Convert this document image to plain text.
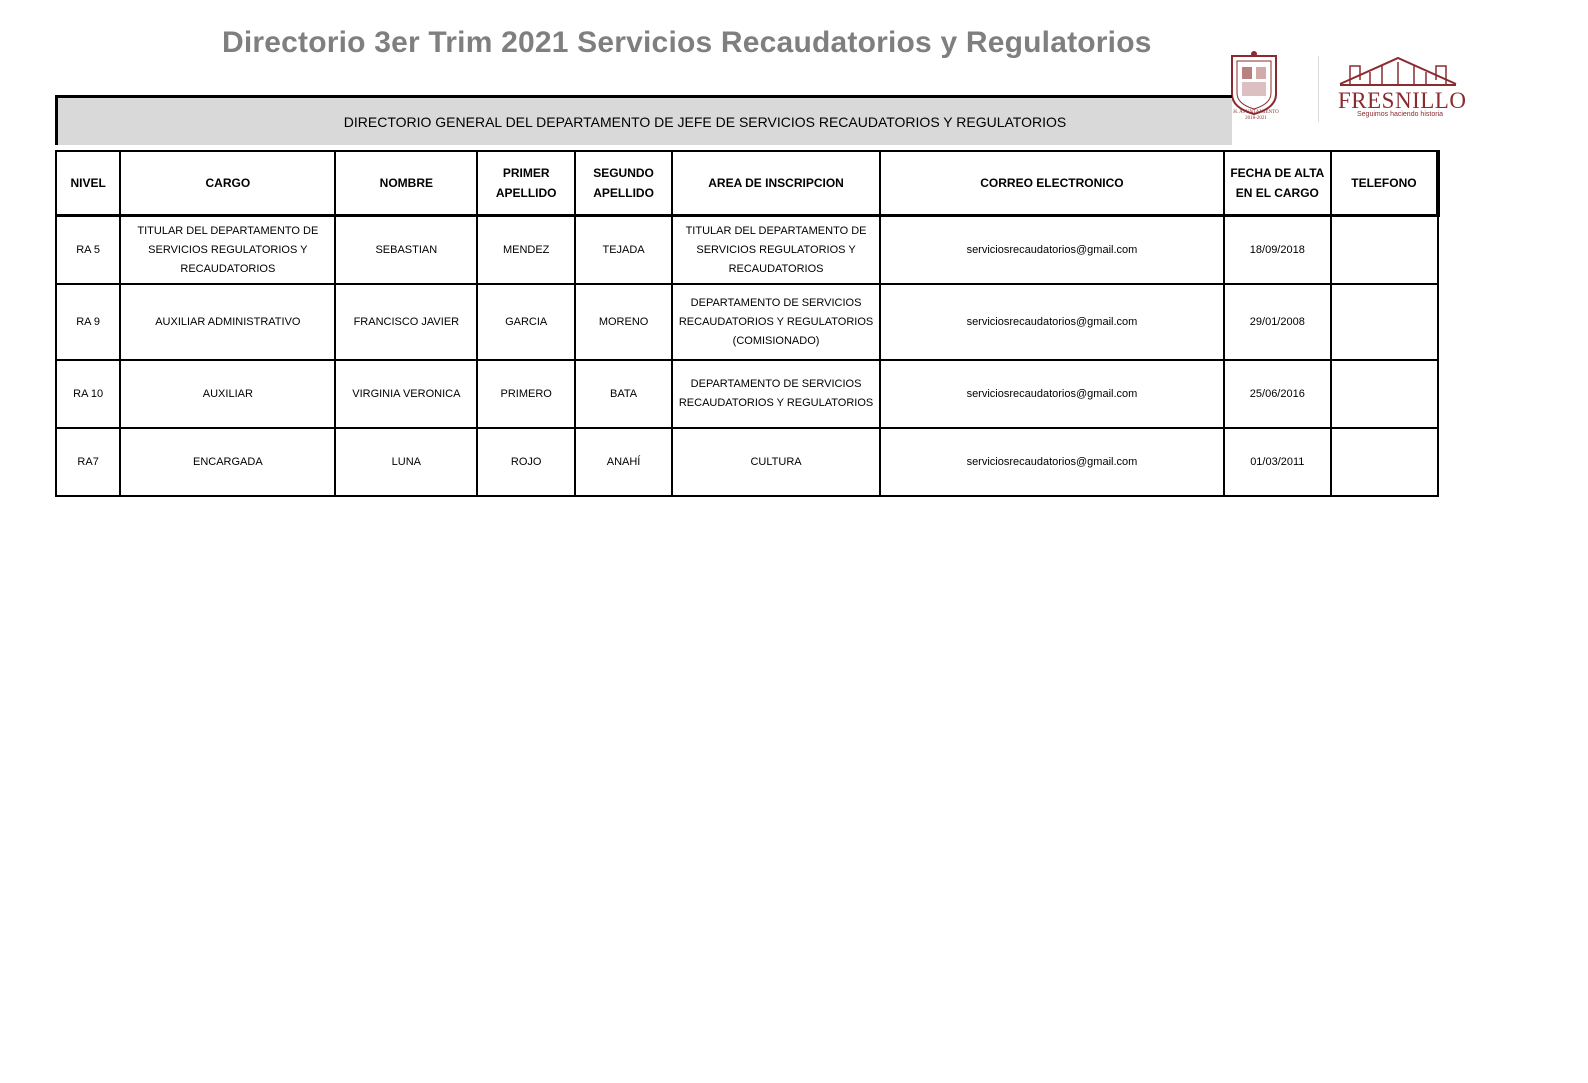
Directorio 3er Trim 2021 Servicios Recaudatorios y Regulatorios
H. AYUNTAMIENTO 2018-2021
FRESNILLO
Seguimos haciendo historia
DIRECTORIO GENERAL DEL DEPARTAMENTO DE JEFE DE SERVICIOS RECAUDATORIOS Y REGULATORIOS
NIVEL	CARGO	NOMBRE	PRIMER APELLIDO	SEGUNDO APELLIDO	AREA DE INSCRIPCION	CORREO ELECTRONICO	FECHA DE ALTA EN EL CARGO	TELEFONO
RA 5	TITULAR DEL DEPARTAMENTO DE SERVICIOS REGULATORIOS Y RECAUDATORIOS	SEBASTIAN	MENDEZ	TEJADA	TITULAR DEL DEPARTAMENTO DE SERVICIOS REGULATORIOS Y RECAUDATORIOS	serviciosrecaudatorios@gmail.com	18/09/2018	
RA 9	AUXILIAR ADMINISTRATIVO	FRANCISCO JAVIER	GARCIA	MORENO	DEPARTAMENTO DE SERVICIOS RECAUDATORIOS Y REGULATORIOS (COMISIONADO)	serviciosrecaudatorios@gmail.com	29/01/2008	
RA 10	AUXILIAR	VIRGINIA VERONICA	PRIMERO	BATA	DEPARTAMENTO DE SERVICIOS RECAUDATORIOS Y REGULATORIOS	serviciosrecaudatorios@gmail.com	25/06/2016	
RA7	ENCARGADA	LUNA	ROJO	ANAHÍ	CULTURA	serviciosrecaudatorios@gmail.com	01/03/2011	
